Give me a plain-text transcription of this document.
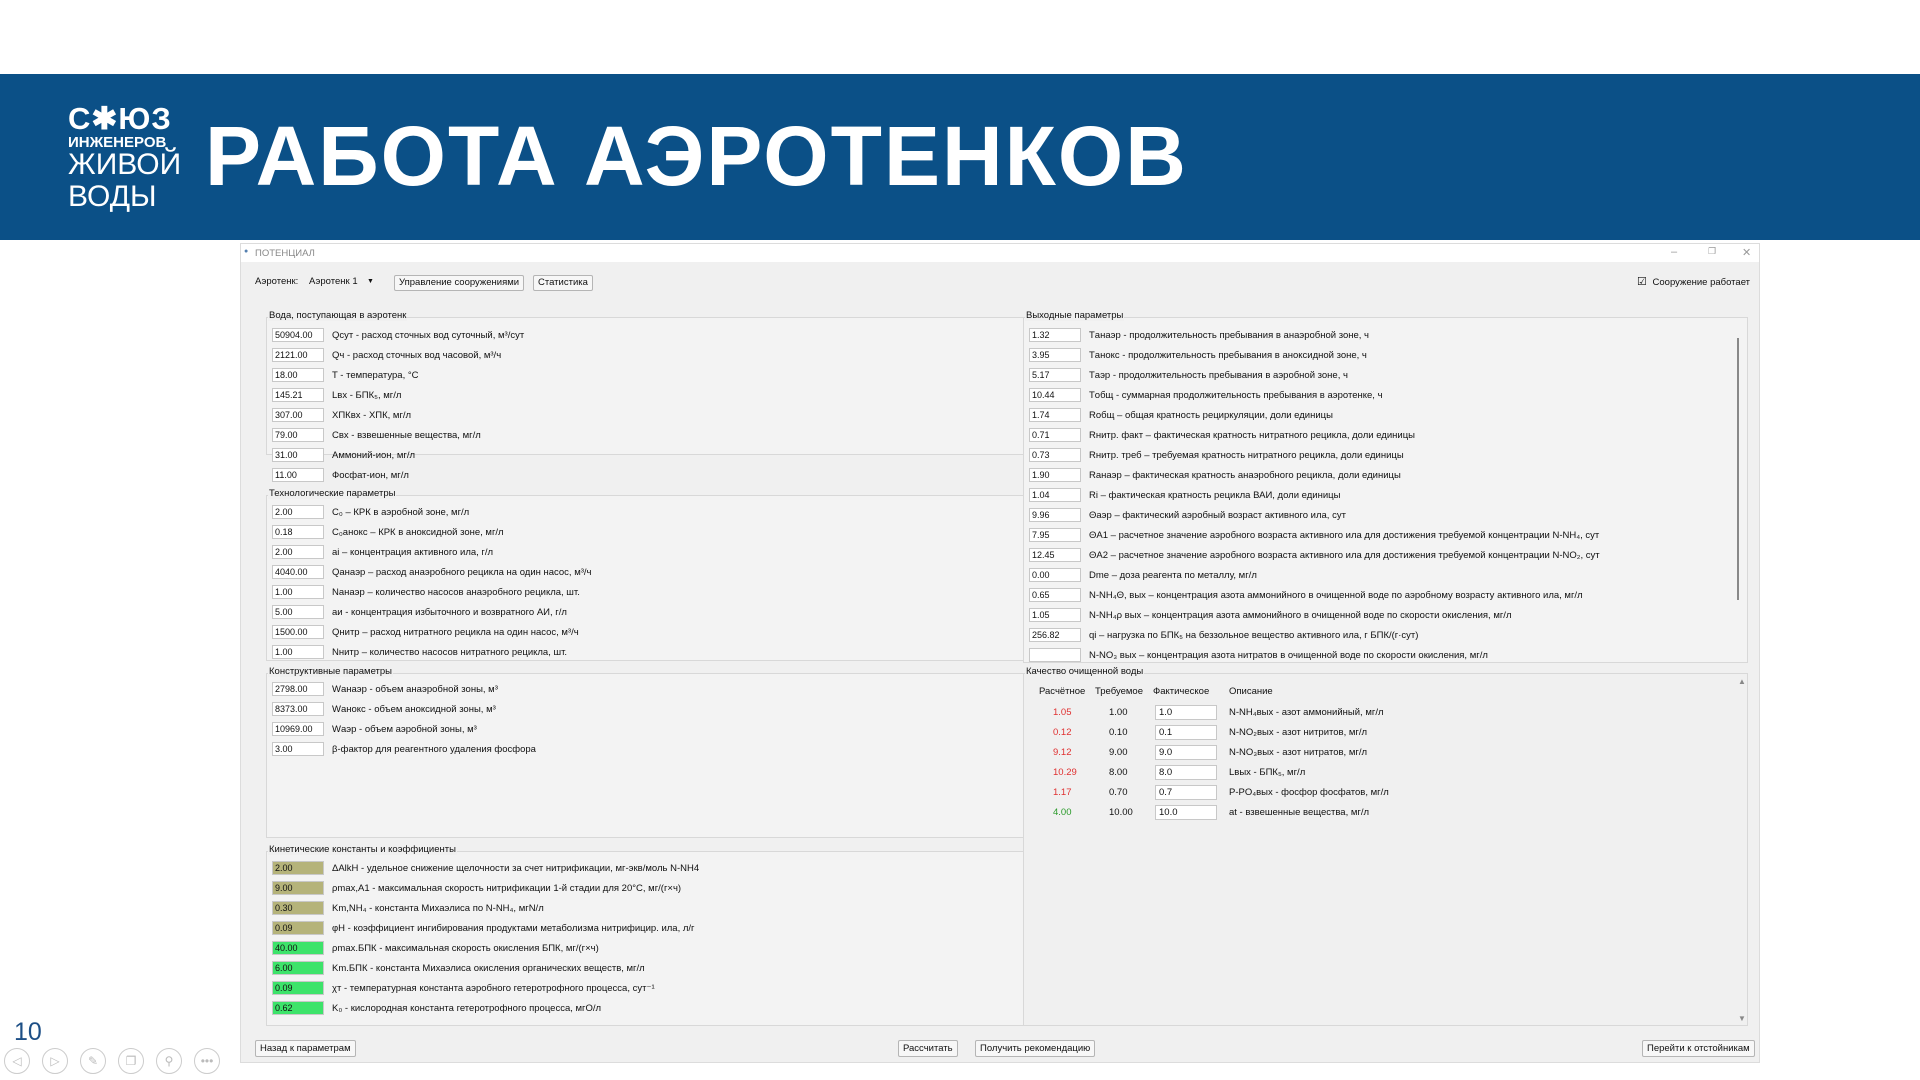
С✱ЮЗ
ИНЖЕНЕРОВ
ЖИВОЙ
ВОДЫ РАБОТА АЭРОТЕНКОВ
10
◁	▷	✎	❐	⚲	•••
● ПОТЕНЦИАЛ	–	❐ ✕
Аэротенк: Аэротенк 1 ▼	Управление сооружениями	Статистика	☑ Сооружение работает
50904.00	Qсут - расход сточных вод суточный, м³/сут
2121.00	Qч - расход сточных вод часовой, м³/ч
18.00	T - температура, °С
145.21	Lвх - БПК₅, мг/л
307.00	ХПКвх - ХПК, мг/л
79.00	Свх - взвешенные вещества, мг/л
31.00	Аммоний-ион, мг/л
11.00	Фосфат-ион, мг/л
Вода, поступающая в аэротенк
2.00	C₀ – КРК в аэробной зоне, мг/л
0.18	C₀анокс – КРК в аноксидной зоне, мг/л
2.00	ai – концентрация активного ила, г/л
4040.00	Qанаэр – расход анаэробного рецикла на один насос, м³/ч
1.00	Nанаэр – количество насосов анаэробного рецикла, шт.
5.00	aи - концентрация избыточного и возвратного АИ, г/л
1500.00	Qнитр – расход нитратного рецикла на один насос, м³/ч
1.00	Nнитр – количество насосов нитратного рецикла, шт.
Технологические параметры
2798.00	Wанаэр - объем анаэробной зоны, м³
8373.00	Wанокс - объем аноксидной зоны, м³
10969.00	Wаэр - объем аэробной зоны, м³
3.00	β-фактор для реагентного удаления фосфора
Конструктивные параметры
2.00	ΔAlkH - удельное снижение щелочности за счет нитрификации, мг-экв/моль N-NH4
9.00	ρmax,A1 - максимальная скорость нитрификации 1-й стадии для 20°С, мг/(г×ч)
0.30	Km,NH₄ - константа Михаэлиса по N-NH₄, мгN/л
0.09	φН - коэффициент ингибирования продуктами метаболизма нитрифицир. ила, л/г
40.00	ρmax.БПК - максимальная скорость окисления БПК, мг/(г×ч)
6.00	Km.БПК - константа Михаэлиса окисления органических веществ, мг/л
0.09	χт - температурная константа аэробного гетеротрофного процесса, сут⁻¹
0.62	K₀ - кислородная константа гетеротрофного процесса, мгО/л
Кинетические константы и коэффициенты
1.32	Tанаэр - продолжительность пребывания в анаэробной зоне, ч
3.95	Tанокс - продолжительность пребывания в аноксидной зоне, ч
5.17	Tаэр - продолжительность пребывания в аэробной зоне, ч
10.44	Tобщ - суммарная продолжительность пребывания в аэротенке, ч
1.74	Rобщ – общая кратность рециркуляции, доли единицы
0.71	Rнитр. факт – фактическая кратность нитратного рецикла, доли единицы
0.73	Rнитр. треб – требуемая кратность нитратного рецикла, доли единицы
1.90	Rанаэр – фактическая кратность анаэробного рецикла, доли единицы
1.04	Ri – фактическая кратность рецикла ВАИ, доли единицы
9.96	Θаэр – фактический аэробный возраст активного ила, сут
7.95	ΘA1 – расчетное значение аэробного возраста активного ила для достижения требуемой концентрации N-NH₄, сут
12.45	ΘA2 – расчетное значение аэробного возраста активного ила для достижения требуемой концентрации N-NO₂, сут
0.00	Dme – доза реагента по металлу, мг/л
0.65	N-NH₄Θ, вых – концентрация азота аммонийного в очищенной воде по аэробному возрасту активного ила, мг/л
1.05	N-NH₄ρ вых – концентрация азота аммонийного в очищенной воде по скорости окисления, мг/л
256.82	qi – нагрузка по БПК₅ на беззольное вещество активного ила, г БПК/(г·сут)
N-NO₃ вых – концентрация азота нитратов в очищенной воде по скорости окисления, мг/л
Выходные параметры
Расчётное Требуемое Фактическое Описание
1.05	1.00	1.0	N-NH₄вых - азот аммонийный, мг/л
0.12	0.10	0.1	N-NO₂вых - азот нитритов, мг/л
9.12	9.00	9.0	N-NO₃вых - азот нитратов, мг/л
10.29	8.00	8.0	Lвых - БПК₅, мг/л
1.17	0.70	0.7	P-PO₄вых - фосфор фосфатов, мг/л
4.00	10.00	10.0	at - взвешенные вещества, мг/л
▲
▼
Качество очищенной воды
Назад к параметрам	Рассчитать	Получить рекомендацию	Перейти к отстойникам
